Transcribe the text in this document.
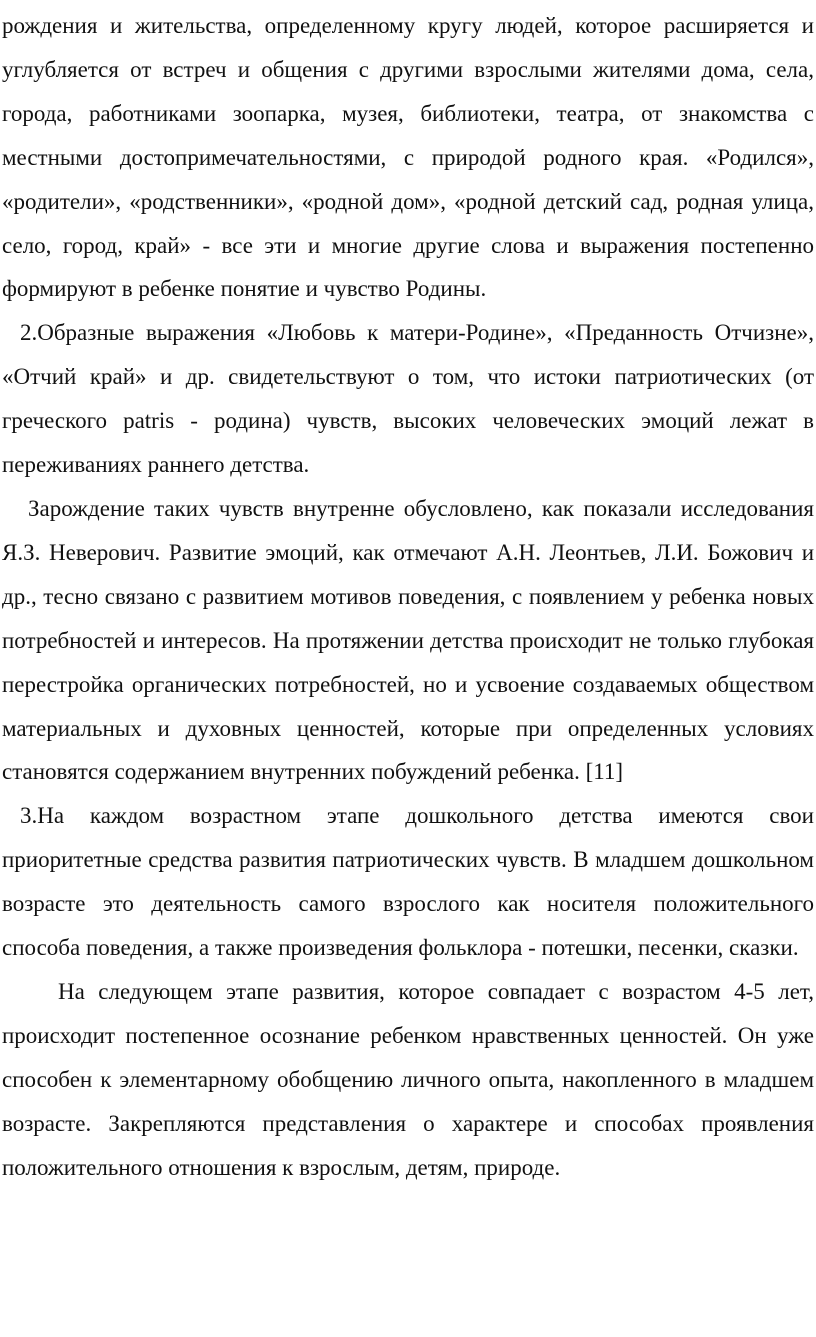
рождения и жительства, определенному кругу людей, которое расширяется и углубляется от встреч и общения с другими взрослыми жителями дома, села, города, работниками зоопарка, музея, библиотеки, театра, от знакомства с местными достопримечательностями, с природой родного края. «Родился», «родители», «родственники», «родной дом», «родной детский сад, родная улица, село, город, край» - все эти и многие другие слова и выражения постепенно формируют в ребенке понятие и чувство Родины.

2.Образные выражения «Любовь к матери-Родине», «Преданность Отчизне», «Отчий край» и др. свидетельствуют о том, что истоки патриотических (от греческого patris - родина) чувств, высоких человеческих эмоций лежат в переживаниях раннего детства.

Зарождение таких чувств внутренне обусловлено, как показали исследования Я.З. Неверович. Развитие эмоций, как отмечают А.Н. Леонтьев, Л.И. Божович и др., тесно связано с развитием мотивов поведения, с появлением у ребенка новых потребностей и интересов. На протяжении детства происходит не только глубокая перестройка органических потребностей, но и усвоение создаваемых обществом материальных и духовных ценностей, которые при определенных условиях становятся содержанием внутренних побуждений ребенка. [11]

3.На каждом возрастном этапе дошкольного детства имеются свои приоритетные средства развития патриотических чувств. В младшем дошкольном возрасте это деятельность самого взрослого как носителя положительного способа поведения, а также произведения фольклора - потешки, песенки, сказки.

На следующем этапе развития, которое совпадает с возрастом 4-5 лет, происходит постепенное осознание ребенком нравственных ценностей. Он уже способен к элементарному обобщению личного опыта, накопленного в младшем возрасте. Закрепляются представления о характере и способах проявления положительного отношения к взрослым, детям, природе.
